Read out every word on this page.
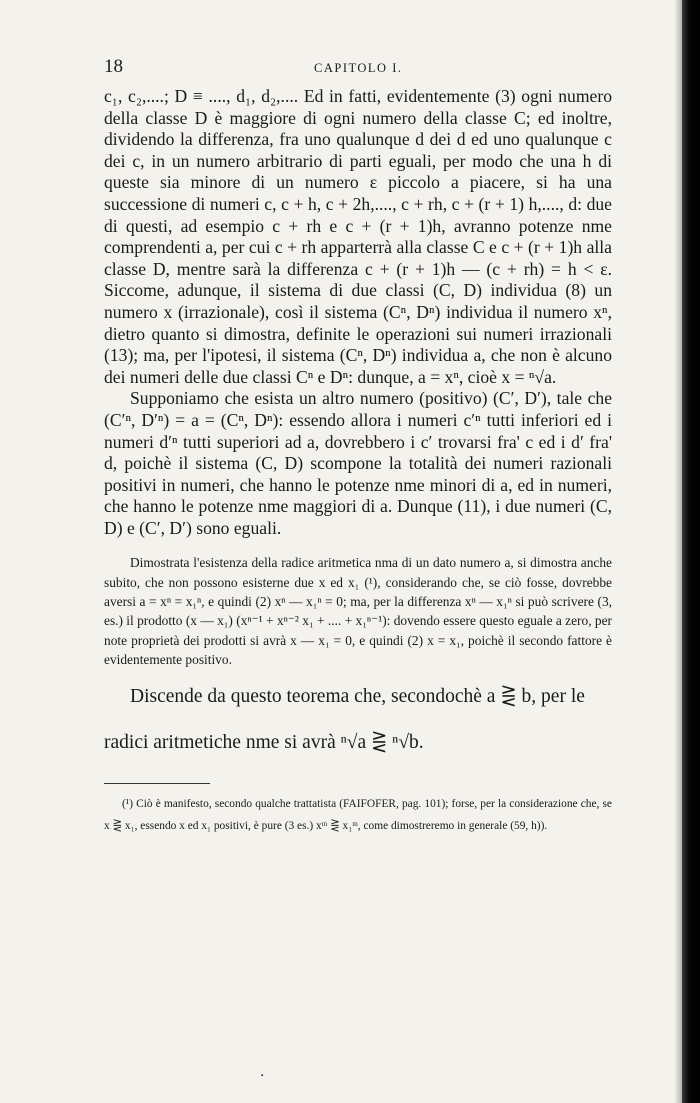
18	CAPITOLO I.

c₁, c₂,....; D ≡ ...., d₁, d₂,.... Ed in fatti, evidentemente (3) ogni numero della classe D è maggiore di ogni numero della classe C; ed inoltre, dividendo la differenza, fra uno qualunque d dei d ed uno qualunque c dei c, in un numero arbitrario di parti eguali, per modo che una h di queste sia minore di un numero ε piccolo a piacere, si ha una successione di numeri c, c + h, c + 2h,...., c + rh, c + (r + 1) h,...., d: due di questi, ad esempio c + rh e c + (r + 1)h, avranno potenze nme comprendenti a, per cui c + rh apparterrà alla classe C e c + (r + 1)h alla classe D, mentre sarà la differenza c + (r + 1)h — (c + rh) = h < ε. Siccome, adunque, il sistema di due classi (C, D) individua (8) un numero x (irrazionale), così il sistema (Cⁿ, Dⁿ) individua il numero xⁿ, dietro quanto si dimostra, definite le operazioni sui numeri irrazionali (13); ma, per l'ipotesi, il sistema (Cⁿ, Dⁿ) individua a, che non è alcuno dei numeri delle due classi Cⁿ e Dⁿ: dunque, a = xⁿ, cioè x = ⁿ√a.

Supponiamo che esista un altro numero (positivo) (C′, D′), tale che (C′ⁿ, D′ⁿ) = a = (Cⁿ, Dⁿ): essendo allora i numeri c′ⁿ tutti inferiori ed i numeri d′ⁿ tutti superiori ad a, dovrebbero i c′ trovarsi fra' c ed i d′ fra' d, poichè il sistema (C, D) scompone la totalità dei numeri razionali positivi in numeri, che hanno le potenze nme minori di a, ed in numeri, che hanno le potenze nme maggiori di a. Dunque (11), i due numeri (C, D) e (C′, D′) sono eguali.

Dimostrata l'esistenza della radice aritmetica nma di un dato numero a, si dimostra anche subito, che non possono esisterne due x ed x₁ (¹), considerando che, se ciò fosse, dovrebbe aversi a = xⁿ = x₁ⁿ, e quindi (2) xⁿ — x₁ⁿ = 0; ma, per la differenza xⁿ — x₁ⁿ si può scrivere (3, es.) il prodotto (x — x₁) (xⁿ⁻¹ + xⁿ⁻² x₁ + .... + x₁ⁿ⁻¹): dovendo essere questo eguale a zero, per note proprietà dei prodotti si avrà x — x₁ = 0, e quindi (2) x = x₁, poichè il secondo fattore è evidentemente positivo.

Discende da questo teorema che, secondochè a ⋛ b, per le
radici aritmetiche nme si avrà ⁿ√a ⋛ ⁿ√b.

(¹) Ciò è manifesto, secondo qualche trattatista (FAIFOFER, pag. 101); forse, per la considerazione che, se x ⋛ x₁, essendo x ed x₁ positivi, è pure (3 es.) xᵐ ⋛ x₁ᵐ, come dimostreremo in generale (59, h)).

·
